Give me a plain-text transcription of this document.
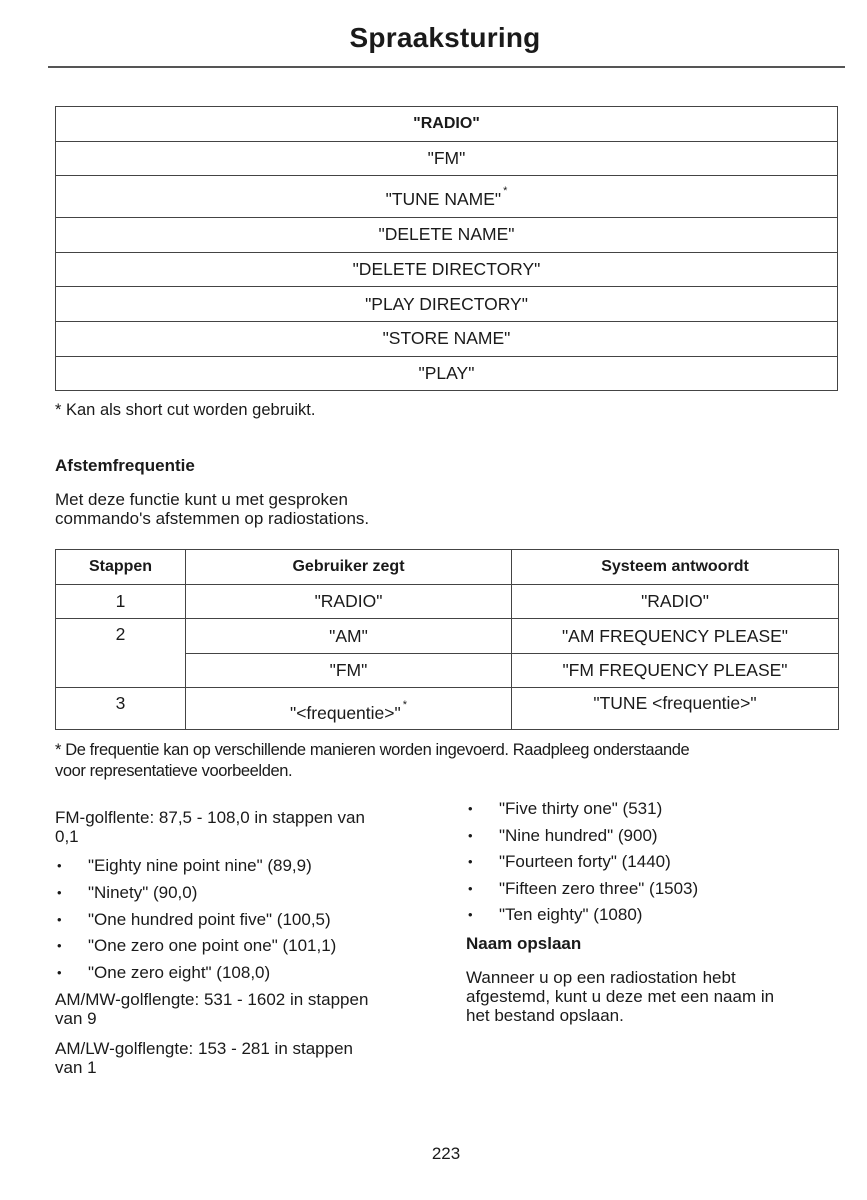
Spraaksturing
"RADIO"
"FM"
"TUNE NAME" *
"DELETE NAME"
"DELETE DIRECTORY"
"PLAY DIRECTORY"
"STORE NAME"
"PLAY"
* Kan als short cut worden gebruikt.
Afstemfrequentie
Met deze functie kunt u met gesproken
commando's afstemmen op radiostations.
Stappen	Gebruiker zegt	Systeem antwoordt
1	"RADIO"	"RADIO"
2	"AM"	"AM FREQUENCY PLEASE"
	"FM"	"FM FREQUENCY PLEASE"
3	"<frequentie>" *	"TUNE <frequentie>"
* De frequentie kan op verschillende manieren worden ingevoerd. Raadpleeg onderstaande
voor representatieve voorbeelden.

FM-golflente: 87,5 - 108,0 in stappen van
0,1

• "Eighty nine point nine" (89,9)
• "Ninety" (90,0)
• "One hundred point five" (100,5)
• "One zero one point one" (101,1)
• "One zero eight" (108,0)

AM/MW-golflengte: 531 - 1602 in stappen
van 9

AM/LW-golflengte: 153 - 281 in stappen
van 1

• "Five thirty one" (531)
• "Nine hundred" (900)
• "Fourteen forty" (1440)
• "Fifteen zero three" (1503)
• "Ten eighty" (1080)
Naam opslaan

Wanneer u op een radiostation hebt
afgestemd, kunt u deze met een naam in
het bestand opslaan.

223
